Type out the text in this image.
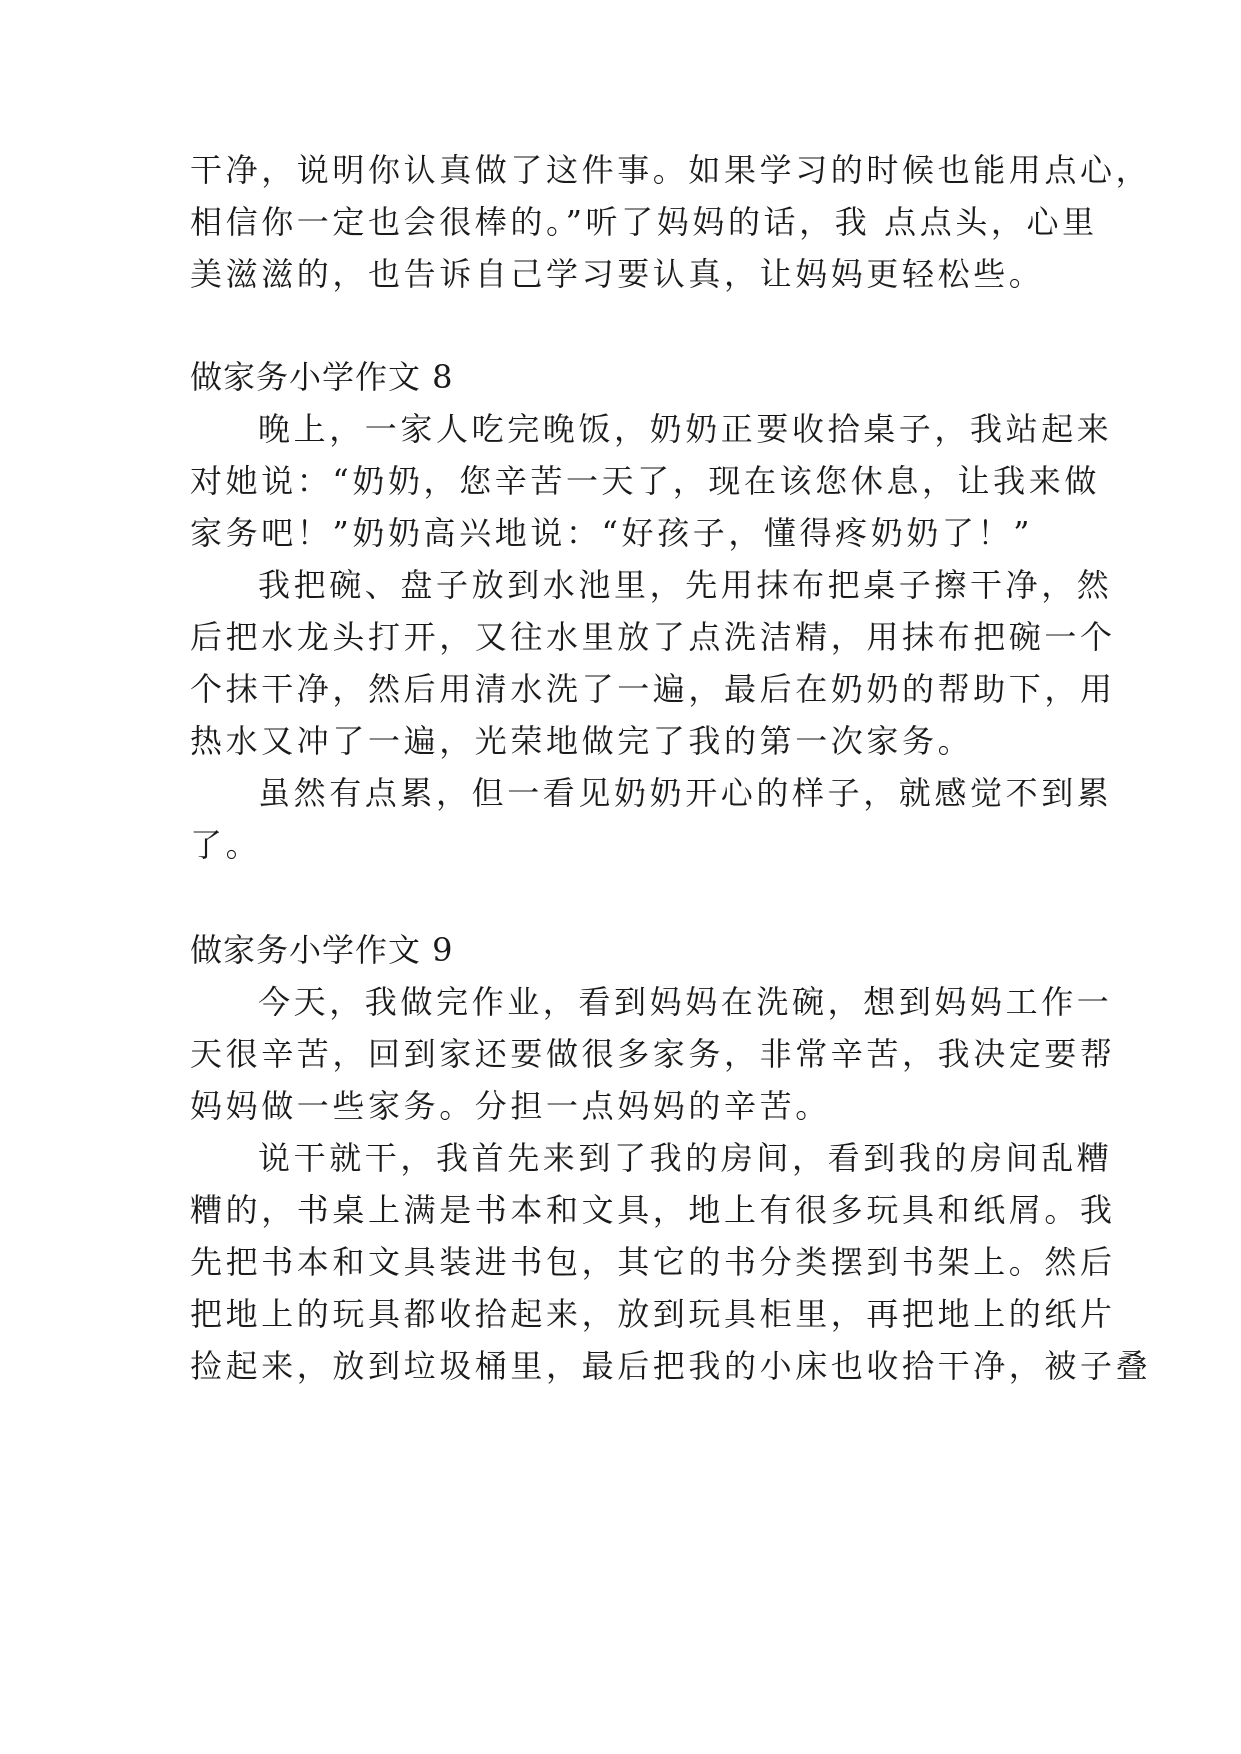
干净，说明你认真做了这件事。如果学习的时候也能用点心，
相信你一定也会很棒的。”听了妈妈的话，我 点点头，心里
美滋滋的，也告诉自己学习要认真，让妈妈更轻松些。
做家务小学作文 8
晚上，一家人吃完晚饭，奶奶正要收拾桌子，我站起来
对她说：“奶奶，您辛苦一天了，现在该您休息，让我来做
家务吧！”奶奶高兴地说：“好孩子，懂得疼奶奶了！”
我把碗、盘子放到水池里，先用抹布把桌子擦干净，然
后把水龙头打开，又往水里放了点洗洁精，用抹布把碗一个
个抹干净，然后用清水洗了一遍，最后在奶奶的帮助下，用
热水又冲了一遍，光荣地做完了我的第一次家务。
虽然有点累，但一看见奶奶开心的样子，就感觉不到累
了。
做家务小学作文 9
今天，我做完作业，看到妈妈在洗碗，想到妈妈工作一
天很辛苦，回到家还要做很多家务，非常辛苦，我决定要帮
妈妈做一些家务。分担一点妈妈的辛苦。
说干就干，我首先来到了我的房间，看到我的房间乱糟
糟的，书桌上满是书本和文具，地上有很多玩具和纸屑。我
先把书本和文具装进书包，其它的书分类摆到书架上。然后
把地上的玩具都收拾起来，放到玩具柜里，再把地上的纸片
捡起来，放到垃圾桶里，最后把我的小床也收拾干净，被子叠
